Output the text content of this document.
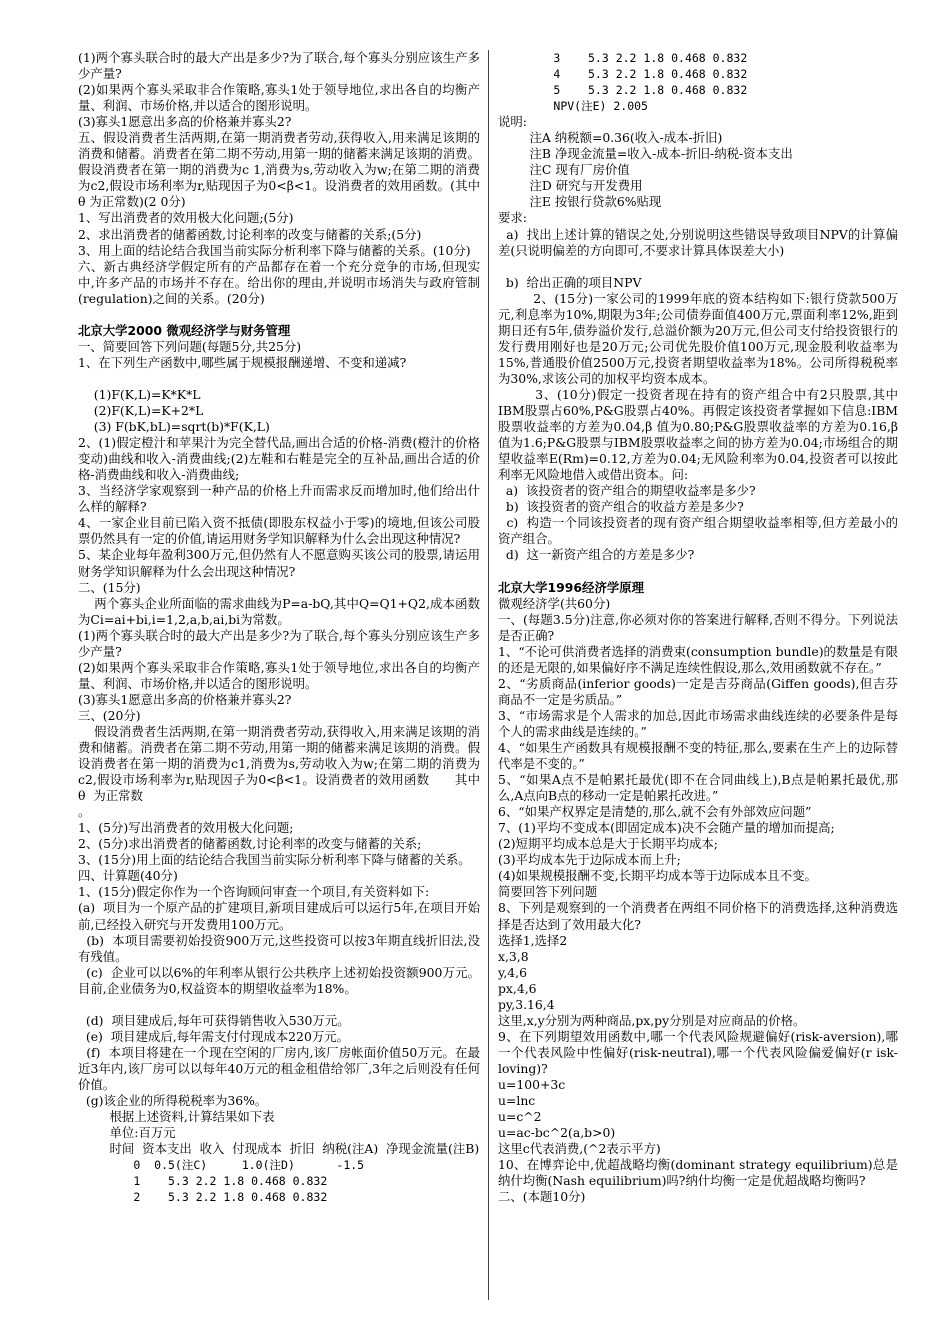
(1)两个寡头联合时的最大产出是多少?为了联合,每个寡头分别应该生产多少产量?

(2)如果两个寡头采取非合作策略,寡头1处于领导地位,求出各自的均衡产量、利润、市场价格,并以适合的图形说明。

(3)寡头1愿意出多高的价格兼并寡头2?

五、假设消费者生活两期,在第一期消费者劳动,获得收入,用来满足该期的消费和储蓄。消费者在第二期不劳动,用第一期的储蓄来满足该期的消费。假设消费者在第一期的消费为c 1,消费为s,劳动收入为w;在第二期的消费为c2,假设市场利率为r,贴现因子为0<β<1。设消费者的效用函数。(其中 θ 为正常数)(2 0分)

1、写出消费者的效用极大化问题;(5分)

2、求出消费者的储蓄函数,讨论利率的改变与储蓄的关系;(5分)

3、用上面的结论结合我国当前实际分析利率下降与储蓄的关系。(10分)

六、新古典经济学假定所有的产品都存在着一个充分竞争的市场,但现实中,许多产品的市场并不存在。给出你的理由,并说明市场消失与政府管制(regulation)之间的关系。(20分)

北京大学2000 微观经济学与财务管理

一、简要回答下列问题(每题5分,共25分)

1、在下列生产函数中,哪些属于规模报酬递增、不变和递减?

(1)F(K,L)=K*K*L

(2)F(K,L)=K+2*L

(3) F(bK,bL)=sqrt(b)*F(K,L)

2、(1)假定橙汁和苹果汁为完全替代品,画出合适的价格-消费(橙汁的价格变动)曲线和收入-消费曲线;(2)左鞋和右鞋是完全的互补品,画出合适的价格-消费曲线和收入-消费曲线;

3、当经济学家观察到一种产品的价格上升而需求反而增加时,他们给出什么样的解释?

4、一家企业目前已陷入资不抵债(即股东权益小于零)的境地,但该公司股票仍然具有一定的价值,请运用财务学知识解释为什么会出现这种情况?

5、某企业每年盈利300万元,但仍然有人不愿意购买该公司的股票,请运用财务学知识解释为什么会出现这种情况?

二、(15分)

两个寡头企业所面临的需求曲线为P=a-bQ,其中Q=Q1+Q2,成本函数为Ci=ai+bi,i=1,2,a,b,ai,bi为常数。

(1)两个寡头联合时的最大产出是多少?为了联合,每个寡头分别应该生产多少产量?

(2)如果两个寡头采取非合作策略,寡头1处于领导地位,求出各自的均衡产量、利润、市场价格,并以适合的图形说明。

(3)寡头1愿意出多高的价格兼并寡头2?

三、(20分)

假设消费者生活两期,在第一期消费者劳动,获得收入,用来满足该期的消费和储蓄。消费者在第二期不劳动,用第一期的储蓄来满足该期的消费。假设消费者在第一期的消费为c1,消费为s,劳动收入为w;在第二期的消费为c2,假设市场利率为r,贴现因子为0<β<1。设消费者的效用函数      其中  θ  为正常数

。

1、(5分)写出消费者的效用极大化问题;

2、(5分)求出消费者的储蓄函数,讨论利率的改变与储蓄的关系;

3、(15分)用上面的结论结合我国当前实际分析利率下降与储蓄的关系。

四、计算题(40分)

1、(15分)假定你作为一个咨询顾问审查一个项目,有关资料如下:

(a)  项目为一个原产品的扩建项目,新项目建成后可以运行5年,在项目开始前,已经投入研究与开发费用100万元。

(b)  本项目需要初始投资900万元,这些投资可以按3年期直线折旧法,没有残值。

(c)  企业可以以6%的年利率从银行公共秩序上述初始投资额900万元。目前,企业债务为0,权益资本的期望收益率为18%。

(d)  项目建成后,每年可获得销售收入530万元。

(e)  项目建成后,每年需支付付现成本220万元。

(f)  本项目将建在一个现在空闲的厂房内,该厂房帐面价值50万元。在最近3年内,该厂房可以以每年40万元的租金租借给邻厂,3年之后则没有任何价值。

(g)该企业的所得税税率为36%。

根据上述资料,计算结果如下表

单位:百万元

时间  资本支出  收入  付现成本  折旧  纳税(注A)  净现金流量(注B)

0  0.5(注C)     1.0(注D)      -1.5

1    5.3 2.2 1.8 0.468 0.832

2    5.3 2.2 1.8 0.468 0.832

3    5.3 2.2 1.8 0.468 0.832

4    5.3 2.2 1.8 0.468 0.832

5    5.3 2.2 1.8 0.468 0.832

NPV(注E) 2.005

说明:

注A 纳税额=0.36(收入-成本-折旧)

注B 净现金流量=收入-成本-折旧-纳税-资本支出

注C 现有厂房价值

注D 研究与开发费用

注E 按银行贷款6%贴现

要求:

a)  找出上述计算的错误之处,分别说明这些错误导致项目NPV的计算偏差(只说明偏差的方向即可,不要求计算具体误差大小)

b)  给出正确的项目NPV

2、(15分)一家公司的1999年底的资本结构如下:银行贷款500万元,利息率为10%,期限为3年;公司债券面值400万元,票面利率12%,距到期日还有5年,债券溢价发行,总溢价额为20万元,但公司支付给投资银行的发行费用刚好也是20万元;公司优先股价值100万元,现金股利收益率为15%,普通股价值2500万元,投资者期望收益率为18%。公司所得税税率为30%,求该公司的加权平均资本成本。

3、(10分)假定一投资者现在持有的资产组合中有2只股票,其中IBM股票占60%,P&G股票占40%。再假定该投资者掌握如下信息:IBM股票收益率的方差为0.04,β 值为0.80;P&G股票收益率的方差为0.16,β 值为1.6;P&G股票与IBM股票收益率之间的协方差为0.04;市场组合的期望收益率E(Rm)=0.12,方差为0.04;无风险利率为0.04,投资者可以按此利率无风险地借入或借出资本。问:

a)  该投资者的资产组合的期望收益率是多少?

b)  该投资者的资产组合的收益方差是多少?

c)  构造一个同该投资者的现有资产组合期望收益率相等,但方差最小的资产组合。

d)  这一新资产组合的方差是多少?

北京大学1996经济学原理

微观经济学(共60分)

一、(每题3.5分)注意,你必须对你的答案进行解释,否则不得分。下列说法是否正确?

1、“不论可供消费者选择的消费束(consumption bundle)的数量是有限的还是无限的,如果偏好序不满足连续性假设,那么,效用函数就不存在。”

2、“劣质商品(inferior goods)一定是吉芬商品(Giffen goods),但吉芬商品不一定是劣质品。”

3、“市场需求是个人需求的加总,因此市场需求曲线连续的必要条件是每个人的需求曲线是连续的。”

4、“如果生产函数具有规模报酬不变的特征,那么,要素在生产上的边际替代率是不变的。”

5、“如果A点不是帕累托最优(即不在合同曲线上),B点是帕累托最优,那么,A点向B点的移动一定是帕累托改进。”

6、“如果产权界定是清楚的,那么,就不会有外部效应问题”

7、(1)平均不变成本(即固定成本)决不会随产量的增加而提高;

(2)短期平均成本总是大于长期平均成本;

(3)平均成本先于边际成本而上升;

(4)如果规模报酬不变,长期平均成本等于边际成本且不变。

简要回答下列问题

8、下列是观察到的一个消费者在两组不同价格下的消费选择,这种消费选择是否达到了效用最大化?

选择1,选择2

x,3,8

y,4,6

px,4,6

py,3.16,4

这里,x,y分别为两种商品,px,py分别是对应商品的价格。

9、在下列期望效用函数中,哪一个代表风险规避偏好(risk-aversion),哪一个代表风险中性偏好(risk-neutral),哪一个代表风险偏爱偏好(r isk-loving)?

u=100+3c

u=lnc

u=c^2

u=ac-bc^2(a,b>0)

这里c代表消费,(^2表示平方)

10、在博弈论中,优超战略均衡(dominant strategy equilibrium)总是纳什均衡(Nash equilibrium)吗?纳什均衡一定是优超战略均衡吗?

二、(本题10分)
